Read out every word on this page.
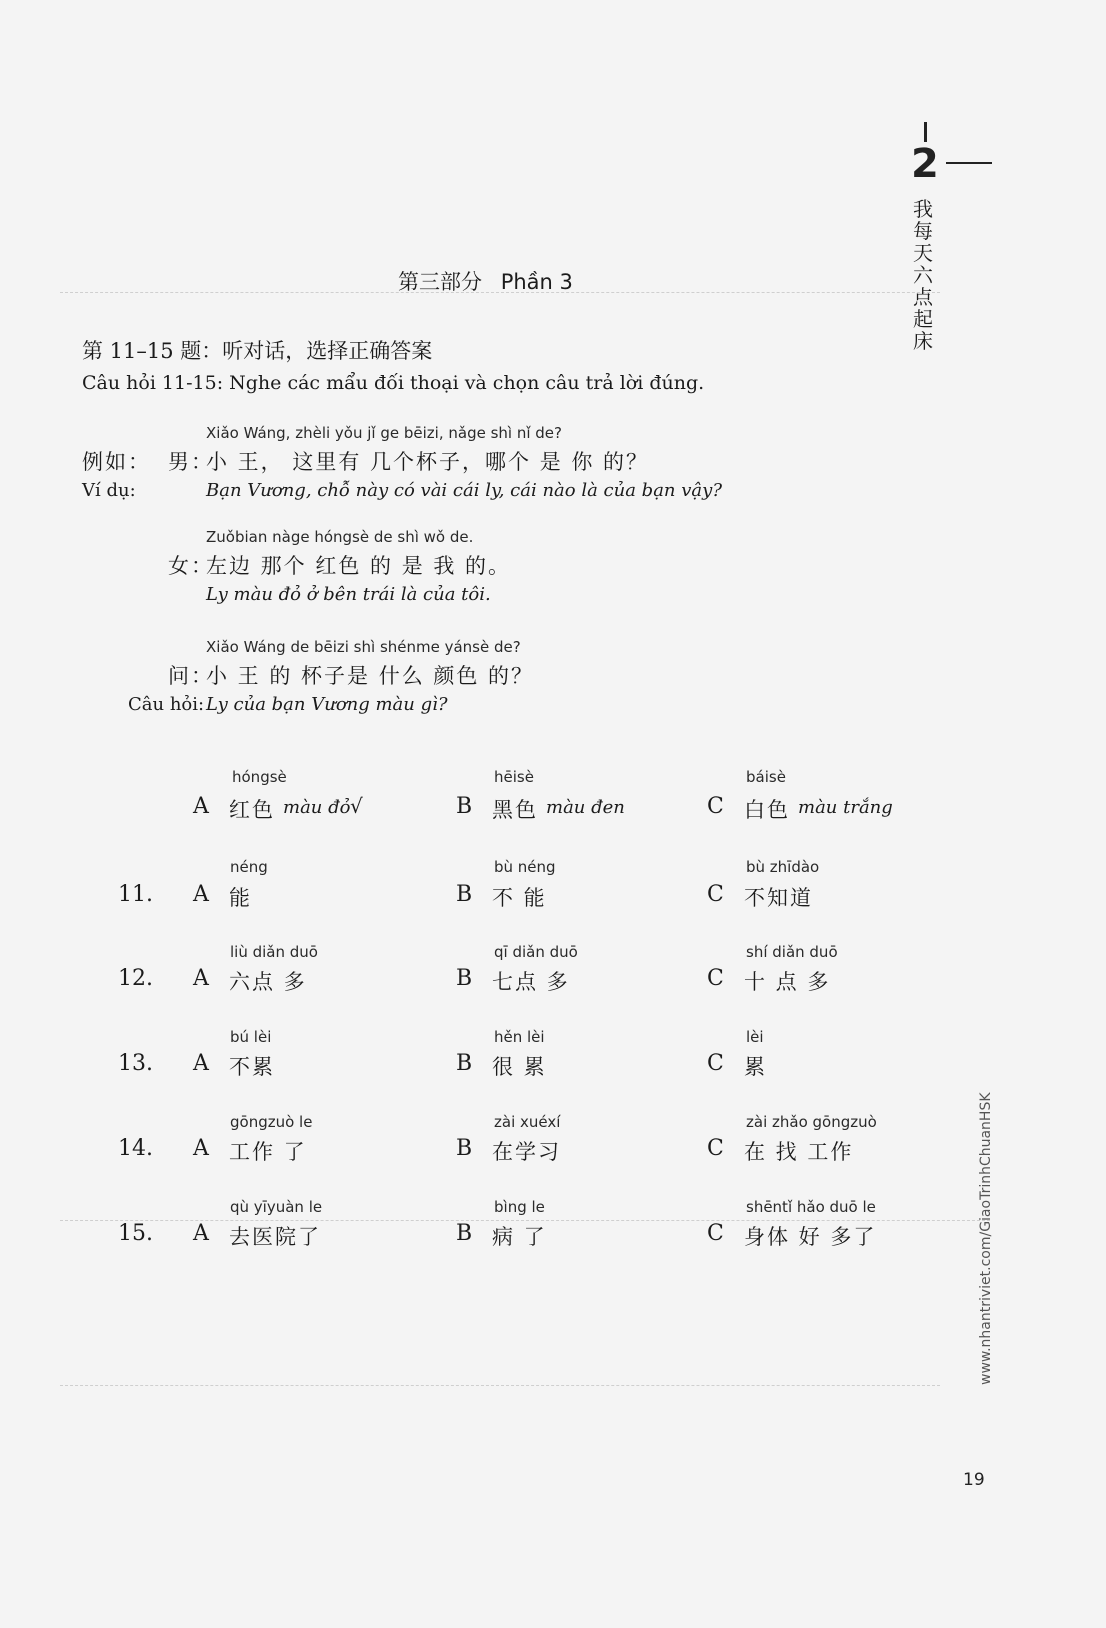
2
我
每
天
六
点
起
床
www.nhantriviet.com/GiaoTrinhChuanHSK
19
第三部分 Phần 3
第 11–15 题：听对话，选择正确答案
Câu hỏi 11-15: Nghe các mẩu đối thoại và chọn câu trả lời đúng.
Xiǎo Wáng, zhèli yǒu jǐ ge bēizi, nǎge shì nǐ de?
例如： 男：
小 王， 这里有 几个杯子，哪个 是 你 的？
Ví dụ:	Bạn Vương, chỗ này có vài cái ly, cái nào là của bạn vậy?
Zuǒbian nàge hóngsè de shì wǒ de.
女：
左边 那个 红色 的 是 我 的。
Ly màu đỏ ở bên trái là của tôi.
Xiǎo Wáng de bēizi shì shénme yánsè de?
问：
小 王 的 杯子是 什么 颜色 的？
Câu hỏi: Ly của bạn Vương màu gì?
hóngsè
A 红色 màu đỏ √
hēisè
B 黑色 màu đen
báisè
C 白色 màu trắng
11.
néng
A 能
bù néng
B 不 能
bù zhīdào
C 不知道
12.
liù diǎn duō
A 六点 多
qī diǎn duō
B 七点 多
shí diǎn duō
C 十 点 多
13.
bú lèi
A 不累
hěn lèi
B 很 累
lèi
C 累
14.
gōngzuò le
A 工作 了
zài xuéxí
B 在学习
zài zhǎo gōngzuò
C 在 找 工作
15.
qù yīyuàn le
A 去医院了
bìng le
B 病 了
shēntǐ hǎo duō le
C 身体 好 多了
